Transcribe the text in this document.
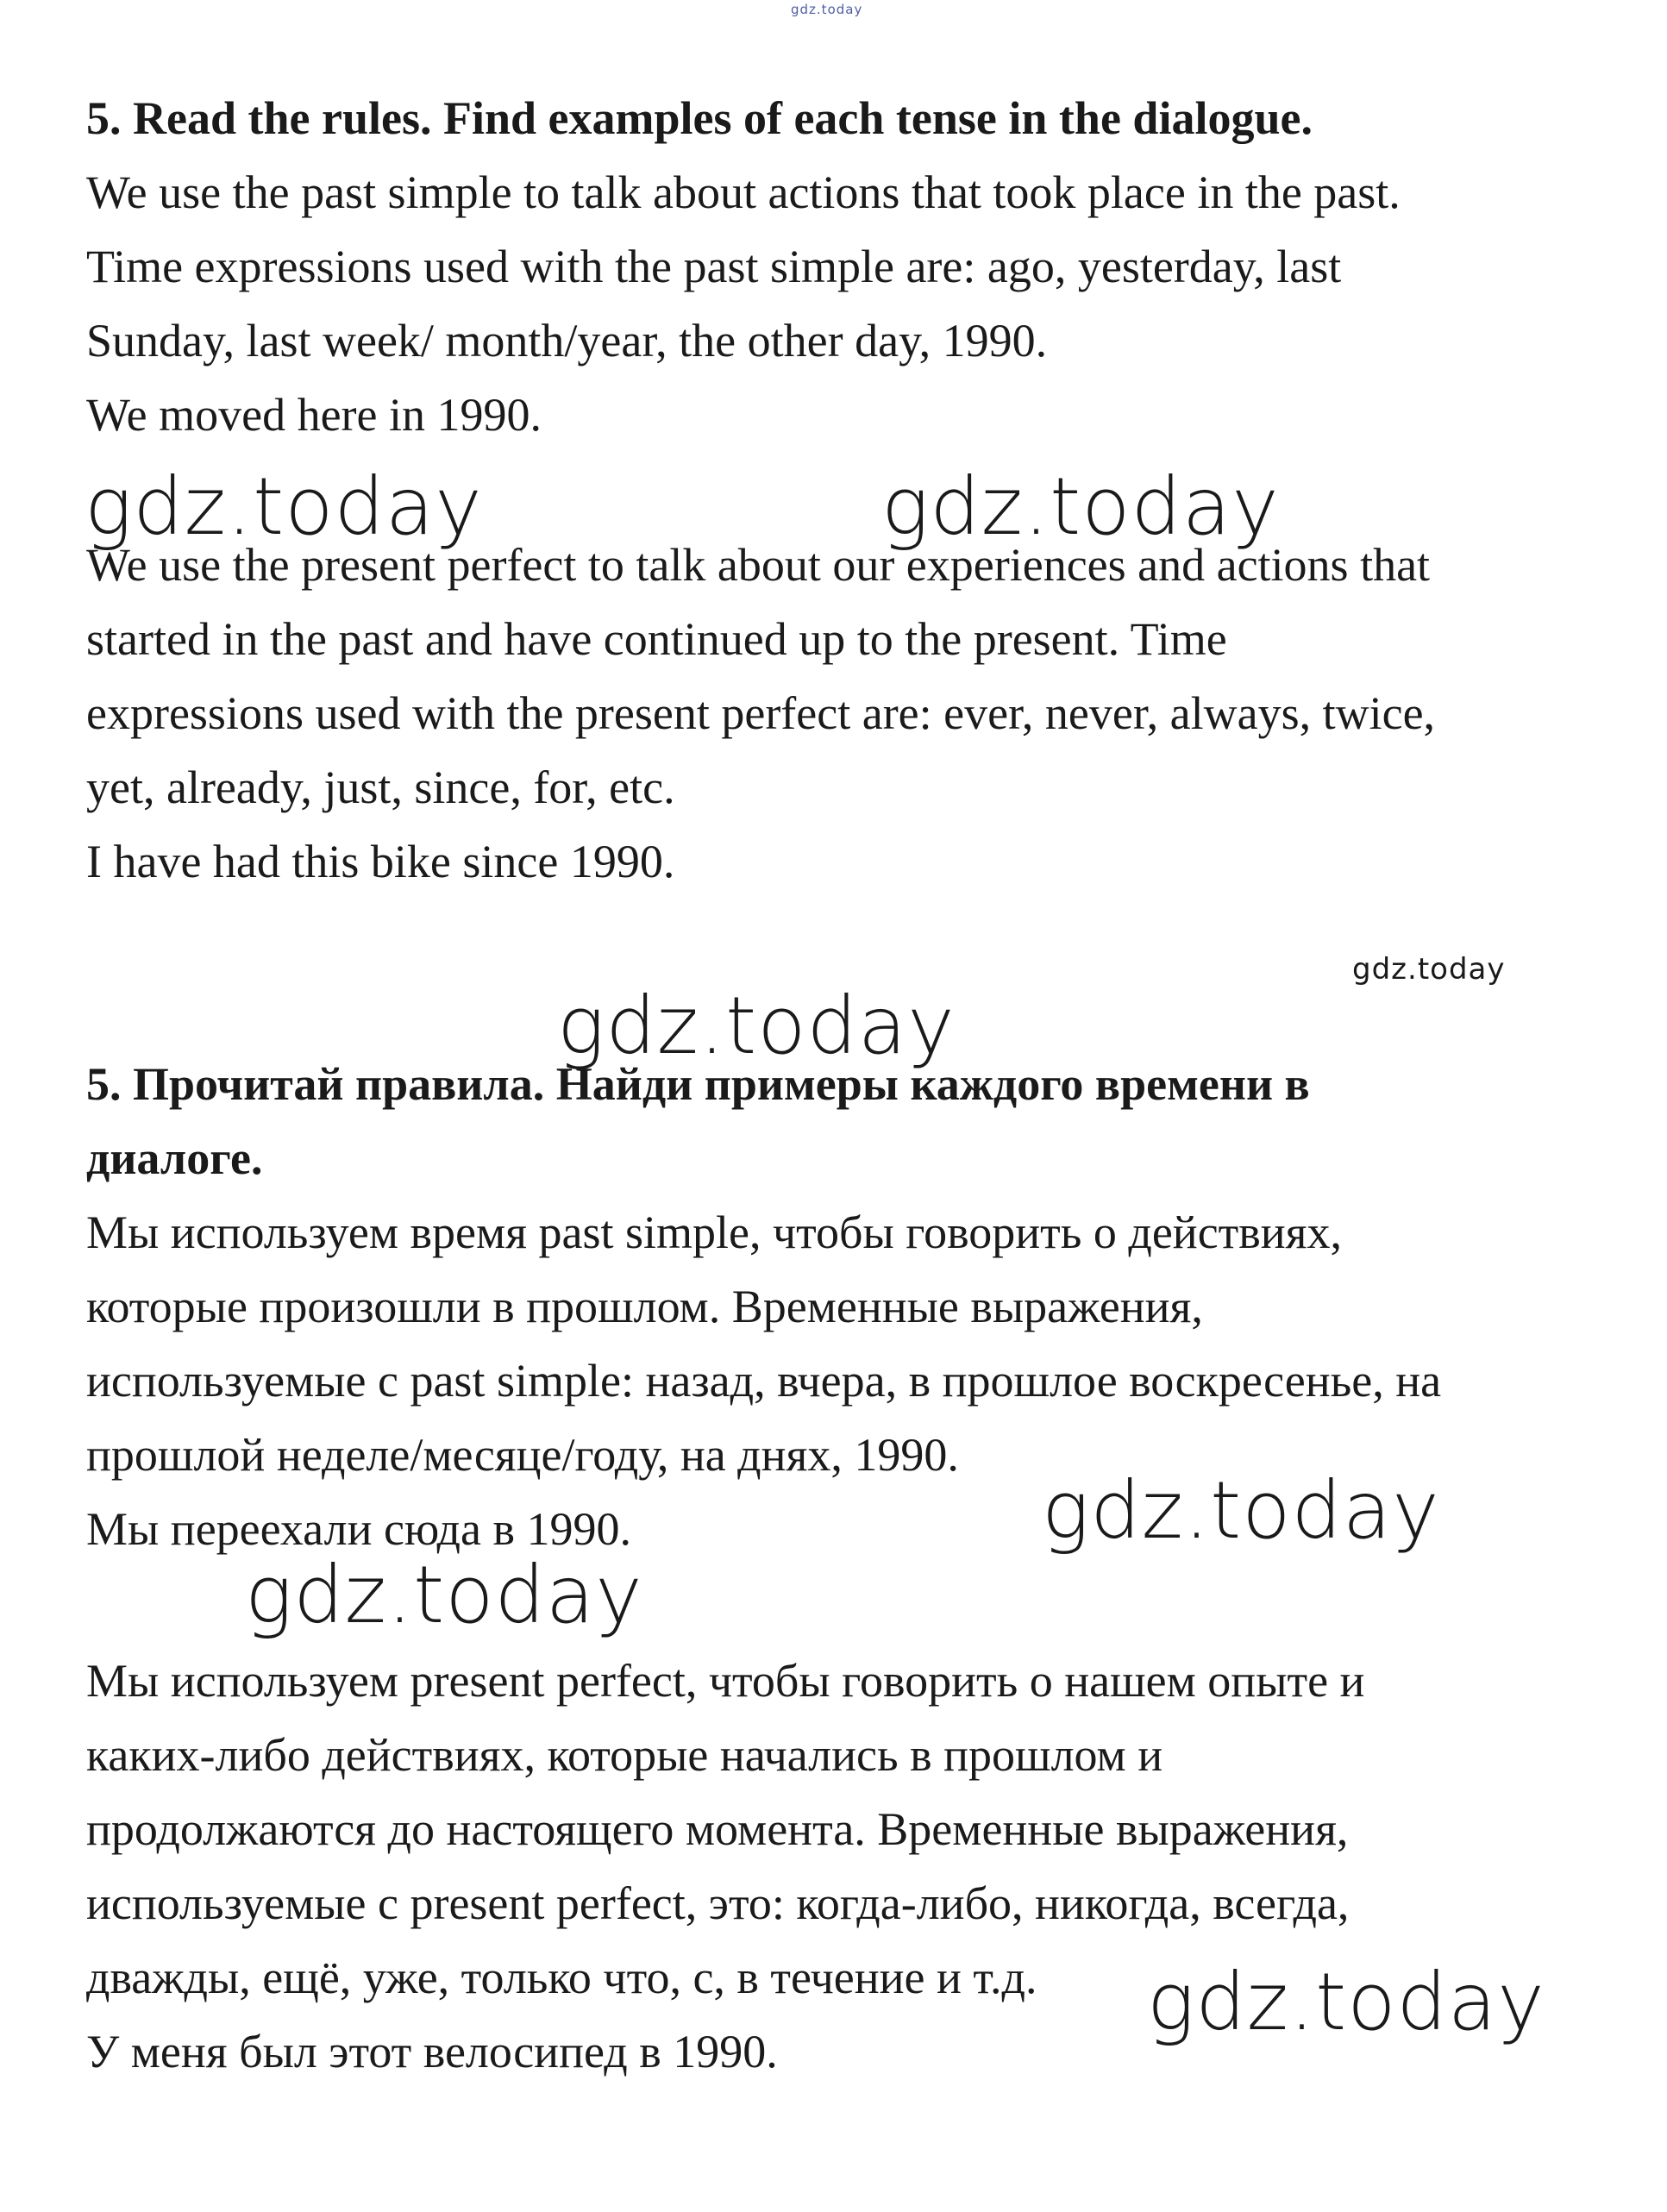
gdz.today
5. Read the rules. Find examples of each tense in the dialogue.
We use the past simple to talk about actions that took place in the past.
Time expressions used with the past simple are: ago, yesterday, last
Sunday, last week/ month/year, the other day, 1990.
We moved here in 1990.
gdz.today	gdz.today
We use the present perfect to talk about our experiences and actions that
started in the past and have continued up to the present. Time
expressions used with the present perfect are: ever, never, always, twice,
yet, already, just, since, for, etc.
I have had this bike since 1990.
gdz.today
gdz.today
5. Прочитай правила. Найди примеры каждого времени в
диалоге.
Мы используем время past simple, чтобы говорить о действиях,
которые произошли в прошлом. Временные выражения,
используемые с past simple: назад, вчера, в прошлое воскресенье, на
прошлой неделе/месяце/году, на днях, 1990.
Мы переехали сюда в 1990.	gdz.today
gdz.today
Мы используем present perfect, чтобы говорить о нашем опыте и
каких-либо действиях, которые начались в прошлом и
продолжаются до настоящего момента. Временные выражения,
используемые с present perfect, это: когда-либо, никогда, всегда,
дважды, ещё, уже, только что, с, в течение и т.д.
У меня был этот велосипед в 1990.
gdz.today
